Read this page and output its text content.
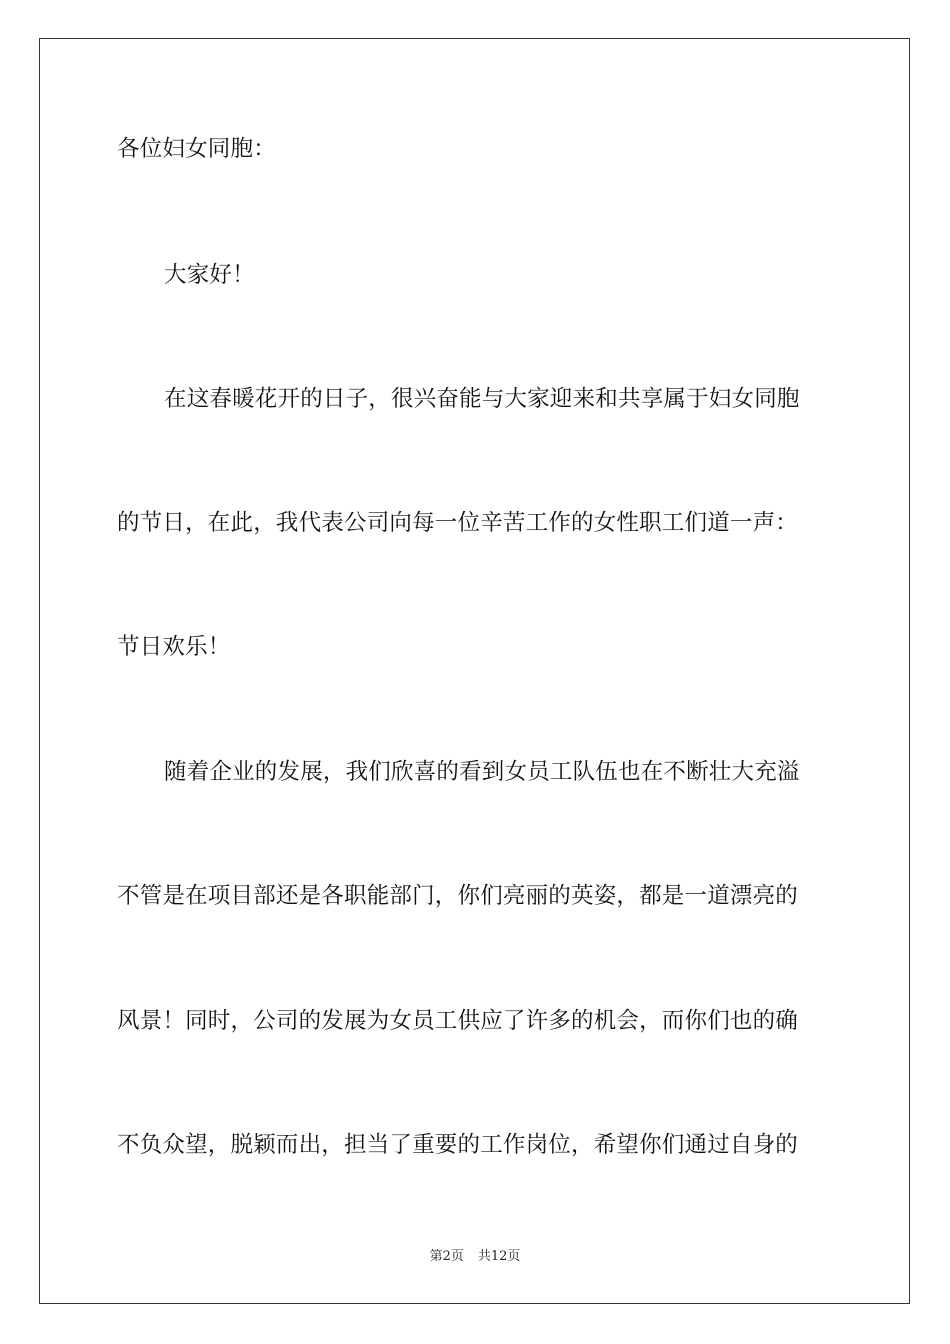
各位妇女同胞：
大家好！
在这春暖花开的日子，很兴奋能与大家迎来和共享属于妇女同胞
的节日，在此，我代表公司向每一位辛苦工作的女性职工们道一声：
节日欢乐！
随着企业的发展，我们欣喜的看到女员工队伍也在不断壮大充溢
不管是在项目部还是各职能部门，你们亮丽的英姿，都是一道漂亮的
风景！同时，公司的发展为女员工供应了许多的机会，而你们也的确
不负众望，脱颖而出，担当了重要的工作岗位，希望你们通过自身的
第2页 共12页
